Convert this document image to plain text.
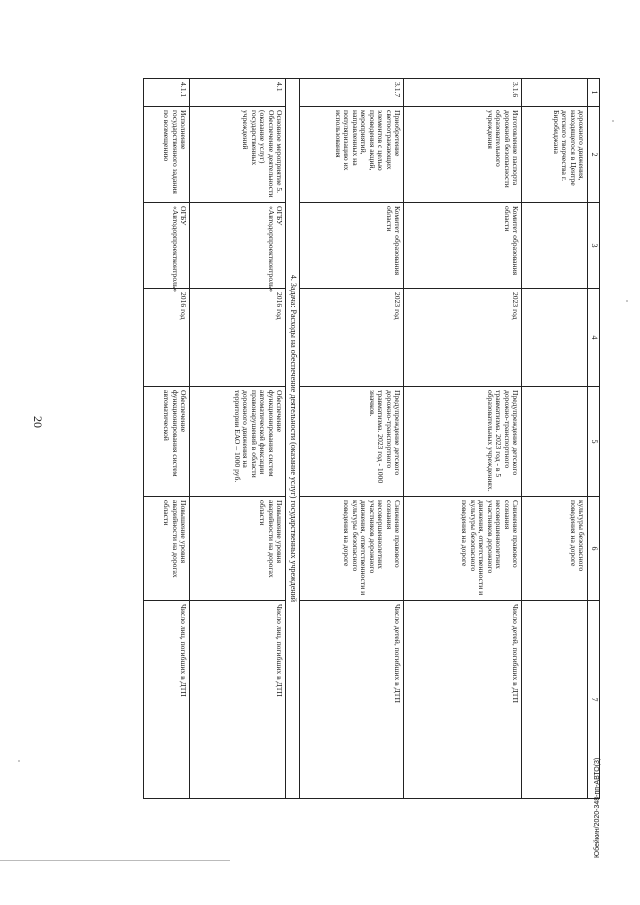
20
1	2	3	4	5	6	7
	дорожного движения, находящегося в Центре детского творчества г. Биробиджана				культуры безопасного поведения на дороге	
3.1.6	Изготовление паспорта дорожной безопасности образовательного учреждения	Комитет образования области	2023 год	Предупреждение детского дорожно-транспортного травматизма. 2023 год - в 5 образовательных учреждениях.	Снижение правового сознания несовершеннолетних участников дорожного движения, ответственности и культуры безопасного поведения на дороге	Число детей, погибших в ДТП
3.1.7	Приобретение светоотражающих элементов с целью проведения акций, мероприятий, направленных на популяризацию их использования	Комитет образования области	2023 год	Предупреждение детского дорожно-транспортного травматизма. 2023 год - 1000 значков.	Снижение правового сознания несовершеннолетних участников дорожного движения, ответственности и культуры безопасного поведения на дороге	Число детей, погибших в ДТП
4. Задача: Расходы на обеспечение деятельности (оказание услуг) государственных учреждений						
4.1	Основное мероприятие 5. Обеспечение деятельности (оказание услуг) государственных учреждений	ОГБУ «Автодорпроектконтроль»	2016 год	Обеспечение функционирования систем автоматической фиксации правонарушений в области дорожного движения на территории ЕАО – 1000 руб.	Повышение уровня аварийности на дорогах области	Число лиц, погибших в ДТП
4.1.1	Исполнение государственного задания по возмещению	ОГБУ «Автодорпроектконтроль»	2016 год	Обеспечение функционирования систем автоматической	Повышение уровня аварийности на дорогах области	Число лиц, погибших в ДТП
Юбейкин/2020-348-пп-АВТО(3)
